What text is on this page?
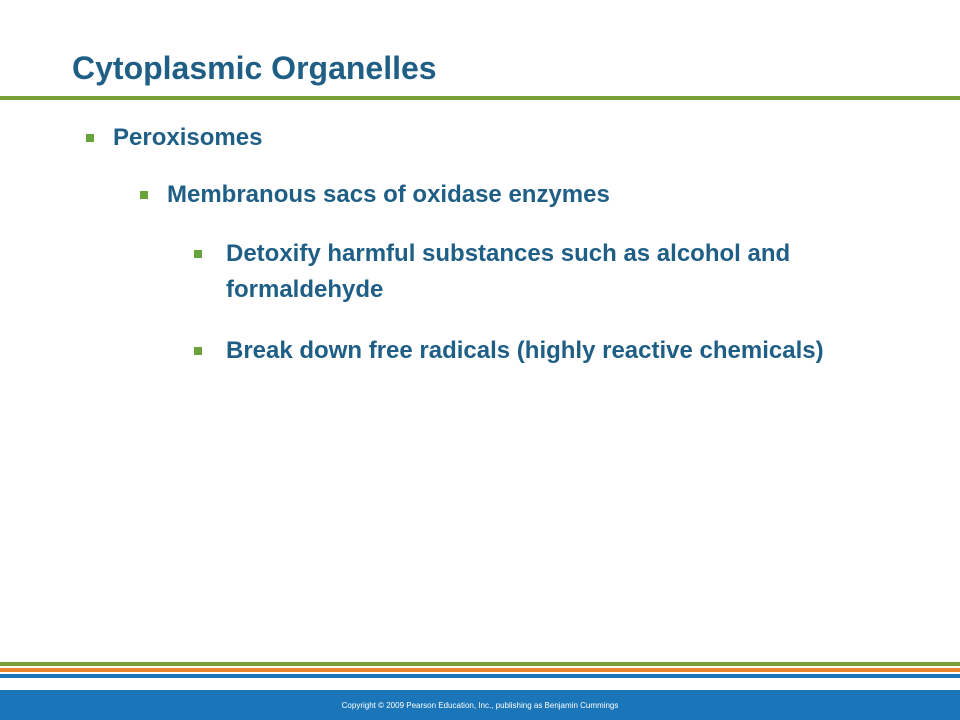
Cytoplasmic Organelles
Peroxisomes
Membranous sacs of oxidase enzymes
Detoxify harmful substances such as alcohol and formaldehyde
Break down free radicals (highly reactive chemicals)
Copyright © 2009 Pearson Education, Inc., publishing as Benjamin Cummings
